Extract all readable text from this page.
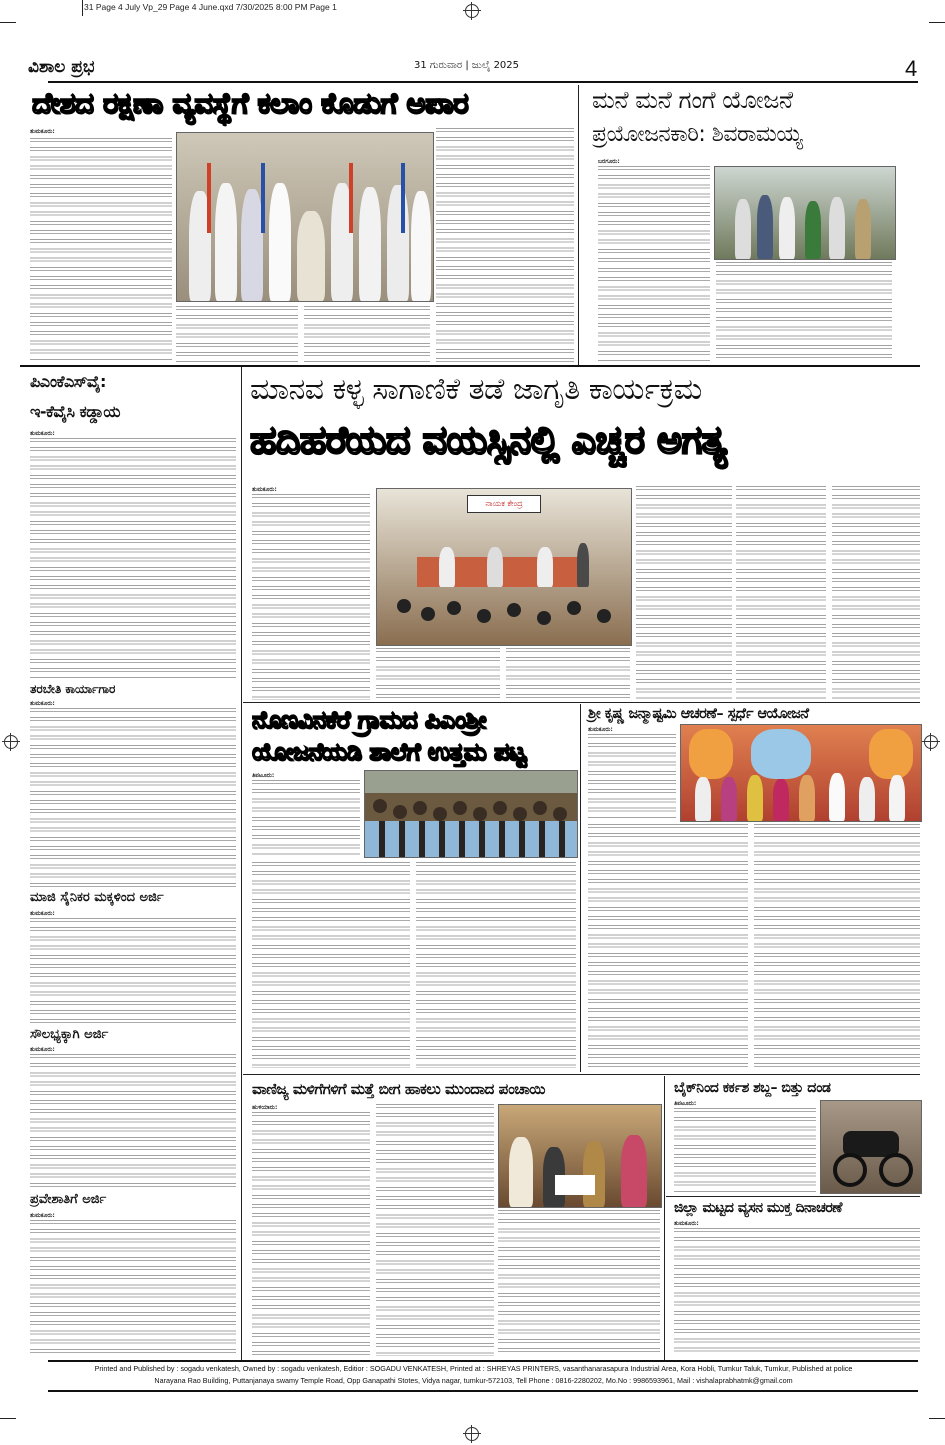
31 Page 4 July Vp_29 Page 4 June.qxd 7/30/2025 8:00 PM Page 1
ವಿಶಾಲ ಪ್ರಭ	31 ಗುರುವಾರ | ಜುಲೈ 2025	4
ದೇಶದ ರಕ್ಷಣಾ ವ್ಯವಸ್ಥೆಗೆ ಕಲಾಂ ಕೊಡುಗೆ ಅಪಾರ
ತುಮಕೂರು:
ಮನೆ ಮನೆ ಗಂಗೆ ಯೋಜನೆ
ಪ್ರಯೋಜನಕಾರಿ: ಶಿವರಾಮಯ್ಯ
ಬರಗೂರು:
ಪಿಎಂಕೆಎಸ್‌ವೈ:
ಇ-ಕೆವೈಸಿ ಕಡ್ಡಾಯ
ತುಮಕೂರು:
ತರಬೇತಿ ಕಾರ್ಯಾಗಾರ
ತುಮಕೂರು:
ಮಾಜಿ ಸೈನಿಕರ ಮಕ್ಕಳಿಂದ ಅರ್ಜಿ
ತುಮಕೂರು:
ಸೌಲಭ್ಯಕ್ಕಾಗಿ ಅರ್ಜಿ
ತುಮಕೂರು:
ಪ್ರವೇಶಾತಿಗೆ ಅರ್ಜಿ
ತುಮಕೂರು:
ಮಾನವ ಕಳ್ಳ ಸಾಗಾಣಿಕೆ ತಡೆ ಜಾಗೃತಿ ಕಾರ್ಯಕ್ರಮ
ಹದಿಹರೆಯದ ವಯಸ್ಸಿನಲ್ಲಿ ಎಚ್ಚರ ಅಗತ್ಯ
ತುಮಕೂರು:
ನಾಯಕ ಕೇಂದ್ರ
ನೊಣವಿನಕೆರೆ ಗ್ರಾಮದ ಪಿಎಂಶ್ರೀ
ಯೋಜನೆಯಡಿ ಶಾಲೆಗೆ ಉತ್ತಮ ಪಟ್ಟ
ತಿಪಟೂರು:
ಶ್ರೀ ಕೃಷ್ಣ ಜನ್ಮಾಷ್ಟಮಿ ಆಚರಣೆ– ಸ್ಪರ್ಧೆ ಆಯೋಜನೆ
ತುಮಕೂರು:
ವಾಣಿಜ್ಯ ಮಳಿಗೆಗಳಿಗೆ ಮತ್ತೆ ಬೀಗ ಹಾಕಲು ಮುಂದಾದ ಪಂಚಾಯಿ
ಹುಳಿಯಾರು:
ಬೈಕ್‌ನಿಂದ ಕರ್ಕಶ ಶಬ್ದ– ಬಿತ್ತು ದಂಡ
ತಿಪಟೂರು:
ಜಿಲ್ಲಾ ಮಟ್ಟದ ವ್ಯಸನ ಮುಕ್ತ ದಿನಾಚರಣೆ
ತುಮಕೂರು:
Printed and Published by : sogadu venkatesh, Owned by : sogadu venkatesh, Editior : SOGADU VENKATESH, Printed at : SHREYAS PRINTERS, vasanthanarasapura Industrial Area, Kora Hobli, Tumkur Taluk, Tumkur, Published at police
Narayana Rao Building, Puttanjanaya swamy Temple Road, Opp Ganapathi Stotes, Vidya nagar, tumkur-572103, Tell Phone : 0816-2280202, Mo.No : 9986593961, Mail : vishalaprabhatmk@gmail.com
